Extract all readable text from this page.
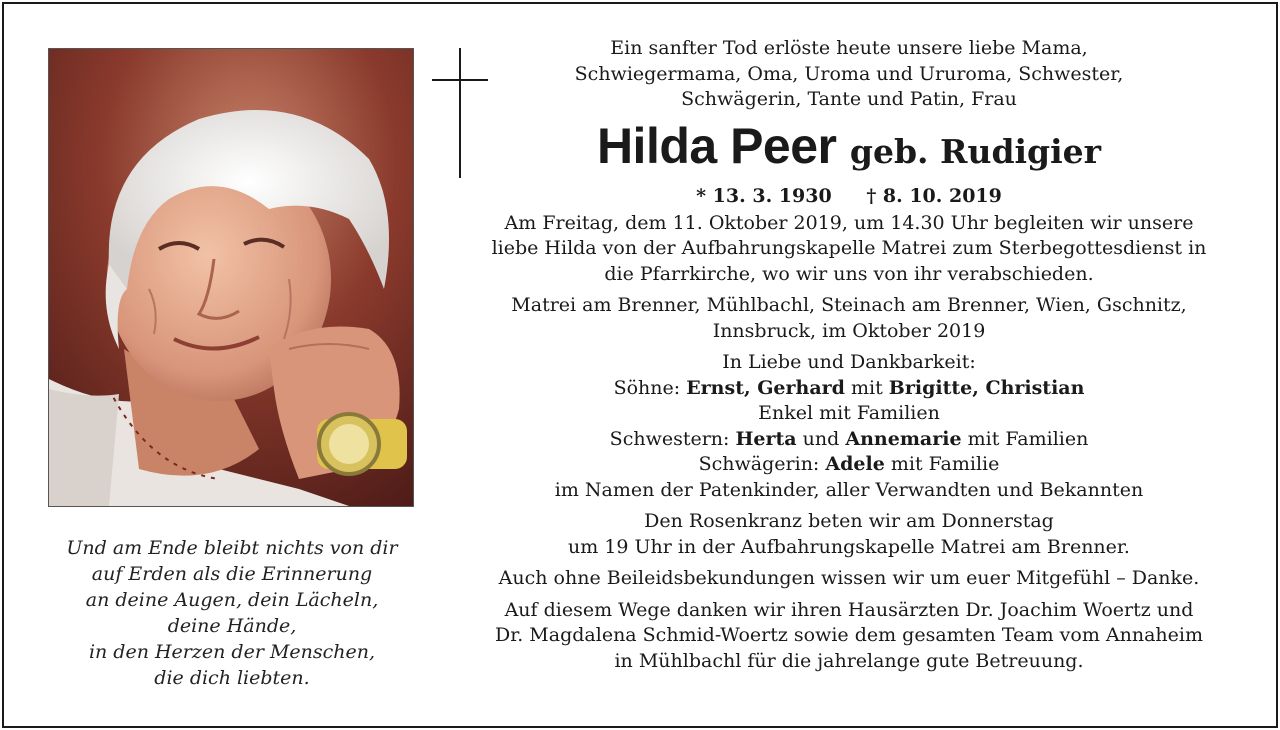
Und am Ende bleibt nichts von dir
auf Erden als die Erinnerung
an deine Augen, dein Lächeln,
deine Hände,
in den Herzen der Menschen,
die dich liebten.
Ein sanfter Tod erlöste heute unsere liebe Mama,
Schwiegermama, Oma, Uroma und Ururoma, Schwester,
Schwägerin, Tante und Patin, Frau
Hilda Peer geb. Rudigier
* 13. 3. 1930 † 8. 10. 2019
Am Freitag, dem 11. Oktober 2019, um 14.30 Uhr begleiten wir unsere
liebe Hilda von der Aufbahrungskapelle Matrei zum Sterbegottesdienst in
die Pfarrkirche, wo wir uns von ihr verabschieden.
Matrei am Brenner, Mühlbachl, Steinach am Brenner, Wien, Gschnitz,
Innsbruck, im Oktober 2019
In Liebe und Dankbarkeit:
Söhne: Ernst, Gerhard mit Brigitte, Christian
Enkel mit Familien
Schwestern: Herta und Annemarie mit Familien
Schwägerin: Adele mit Familie
im Namen der Patenkinder, aller Verwandten und Bekannten
Den Rosenkranz beten wir am Donnerstag
um 19 Uhr in der Aufbahrungskapelle Matrei am Brenner.
Auch ohne Beileidsbekundungen wissen wir um euer Mitgefühl – Danke.
Auf diesem Wege danken wir ihren Hausärzten Dr. Joachim Woertz und
Dr. Magdalena Schmid-Woertz sowie dem gesamten Team vom Annaheim
in Mühlbachl für die jahrelange gute Betreuung.
